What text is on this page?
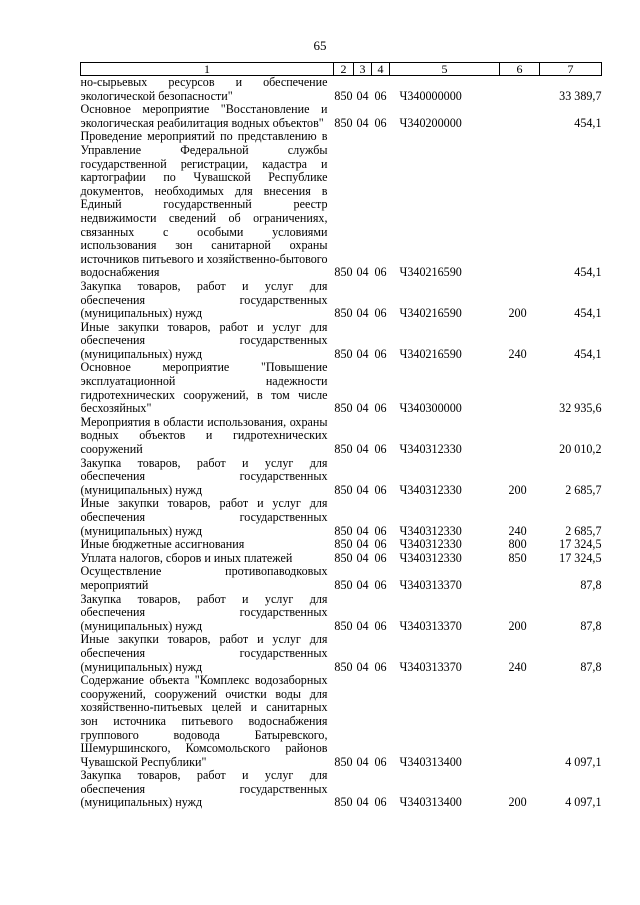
65
1	2	3	4	5	6	7
но-сырьевых ресурсов и обеспечение экологической безопасности"	850	04	06	Ч340000000		33 389,7
Основное мероприятие "Восстановление и экологическая реабилитация водных объектов"	850	04	06	Ч340200000		454,1
Проведение мероприятий по представлению в Управление Федеральной службы государственной регистрации, кадастра и картографии по Чувашской Республике документов, необходимых для внесения в Единый государственный реестр недвижимости сведений об ограничениях, связанных с особыми условиями использования зон санитарной охраны источников питьевого и хозяйственно-бытового водоснабжения	850	04	06	Ч340216590		454,1
Закупка товаров, работ и услуг для обеспечения государственных (муниципальных) нужд	850	04	06	Ч340216590	200	454,1
Иные закупки товаров, работ и услуг для обеспечения государственных (муниципальных) нужд	850	04	06	Ч340216590	240	454,1
Основное мероприятие "Повышение эксплуатационной надежности гидротехнических сооружений, в том числе бесхозяйных"	850	04	06	Ч340300000		32 935,6
Мероприятия в области использования, охраны водных объектов и гидротехнических сооружений	850	04	06	Ч340312330		20 010,2
Закупка товаров, работ и услуг для обеспечения государственных (муниципальных) нужд	850	04	06	Ч340312330	200	2 685,7
Иные закупки товаров, работ и услуг для обеспечения государственных (муниципальных) нужд	850	04	06	Ч340312330	240	2 685,7
Иные бюджетные ассигнования	850	04	06	Ч340312330	800	17 324,5
Уплата налогов, сборов и иных платежей	850	04	06	Ч340312330	850	17 324,5
Осуществление противопаводковых мероприятий	850	04	06	Ч340313370		87,8
Закупка товаров, работ и услуг для обеспечения государственных (муниципальных) нужд	850	04	06	Ч340313370	200	87,8
Иные закупки товаров, работ и услуг для обеспечения государственных (муниципальных) нужд	850	04	06	Ч340313370	240	87,8
Содержание объекта "Комплекс водозаборных сооружений, сооружений очистки воды для хозяйственно-питьевых целей и санитарных зон источника питьевого водоснабжения группового водовода Батыревского, Шемуршинского, Комсомольского районов Чувашской Республики"	850	04	06	Ч340313400		4 097,1
Закупка товаров, работ и услуг для обеспечения государственных (муниципальных) нужд	850	04	06	Ч340313400	200	4 097,1
